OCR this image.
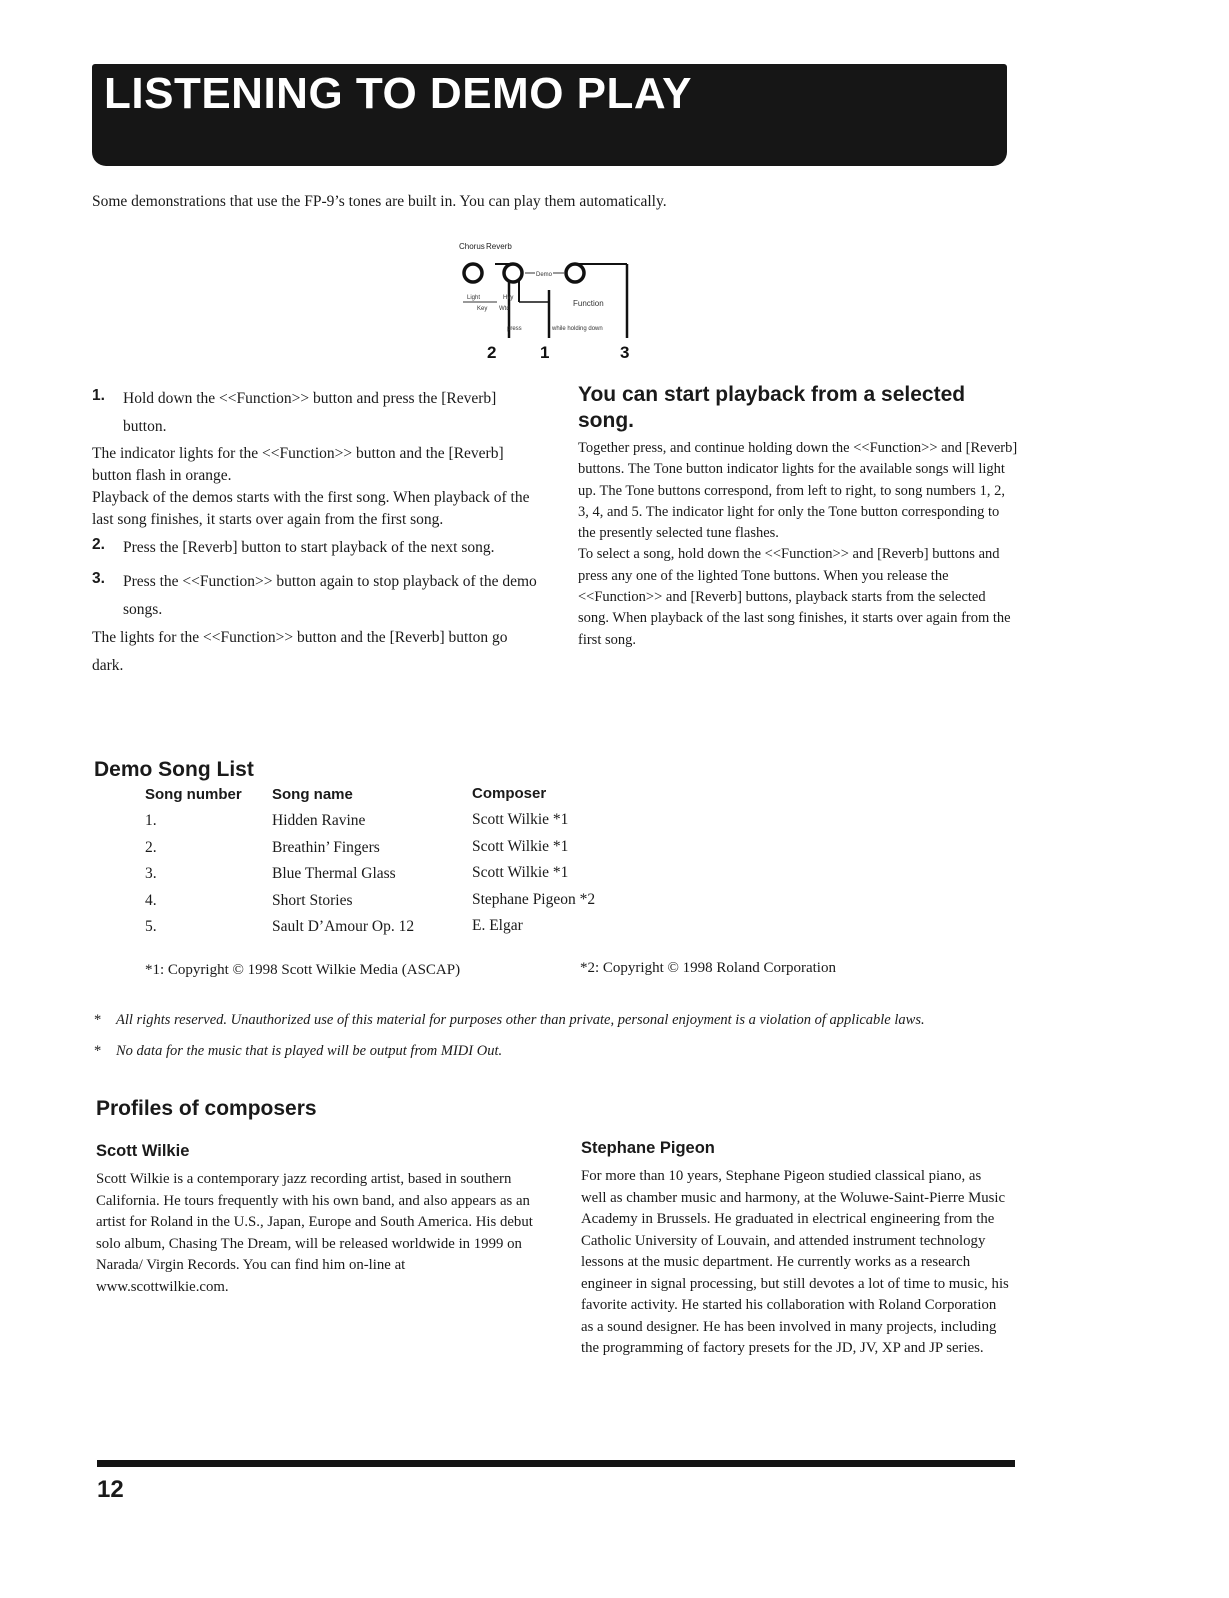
LISTENING TO DEMO PLAY
Some demonstrations that use the FP-9’s tones are built in. You can play them automatically.
Chorus Reverb
Demo
Light
Key
Hvy
Wtd
Function
press	while holding down
2	1	3
1.	Hold down the <<Function>> button and press the [Reverb] button.
The indicator lights for the <<Function>> button and the [Reverb] button flash in orange.
Playback of the demos starts with the first song. When playback of the last song finishes, it starts over again from the first song.
2.	Press the [Reverb] button to start playback of the next song.
3.	Press the <<Function>> button again to stop playback of the demo songs.
The lights for the <<Function>> button and the [Reverb] button go dark.
You can start playback from a selected song.
Together press, and continue holding down the <<Function>> and [Reverb] buttons. The Tone button indicator lights for the available songs will light up. The Tone buttons correspond, from left to right, to song numbers 1, 2, 3, 4, and 5. The indicator light for only the Tone button corresponding to the presently selected tune flashes.
To select a song, hold down the <<Function>> and [Reverb] buttons and press any one of the lighted Tone buttons. When you release the <<Function>> and [Reverb] buttons, playback starts from the selected song. When playback of the last song finishes, it starts over again from the first song.
Demo Song List
Song number Song name	Composer
1.	Hidden Ravine	Scott Wilkie *1
2.	Breathin’ Fingers	Scott Wilkie *1
3.	Blue Thermal Glass	Scott Wilkie *1
4.	Short Stories	Stephane Pigeon *2
5.	Sault D’Amour Op. 12	E. Elgar
*1: Copyright © 1998 Scott Wilkie Media (ASCAP)	*2: Copyright © 1998 Roland Corporation
*	All rights reserved. Unauthorized use of this material for purposes other than private, personal enjoyment is a violation of applicable laws.
*	No data for the music that is played will be output from MIDI Out.
Profiles of composers
Scott Wilkie
Scott Wilkie is a contemporary jazz recording artist, based in southern California. He tours frequently with his own band, and also appears as an artist for Roland in the U.S., Japan, Europe and South America. His debut solo album, Chasing The Dream, will be released worldwide in 1999 on Narada/ Virgin Records. You can find him on-line at www.scottwilkie.com.
Stephane Pigeon
For more than 10 years, Stephane Pigeon studied classical piano, as well as chamber music and harmony, at the Woluwe-Saint-Pierre Music Academy in Brussels. He graduated in electrical engineering from the Catholic University of Louvain, and attended instrument technology lessons at the music department. He currently works as a research engineer in signal processing, but still devotes a lot of time to music, his favorite activity. He started his collaboration with Roland Corporation as a sound designer. He has been involved in many projects, including the programming of factory presets for the JD, JV, XP and JP series.
12
